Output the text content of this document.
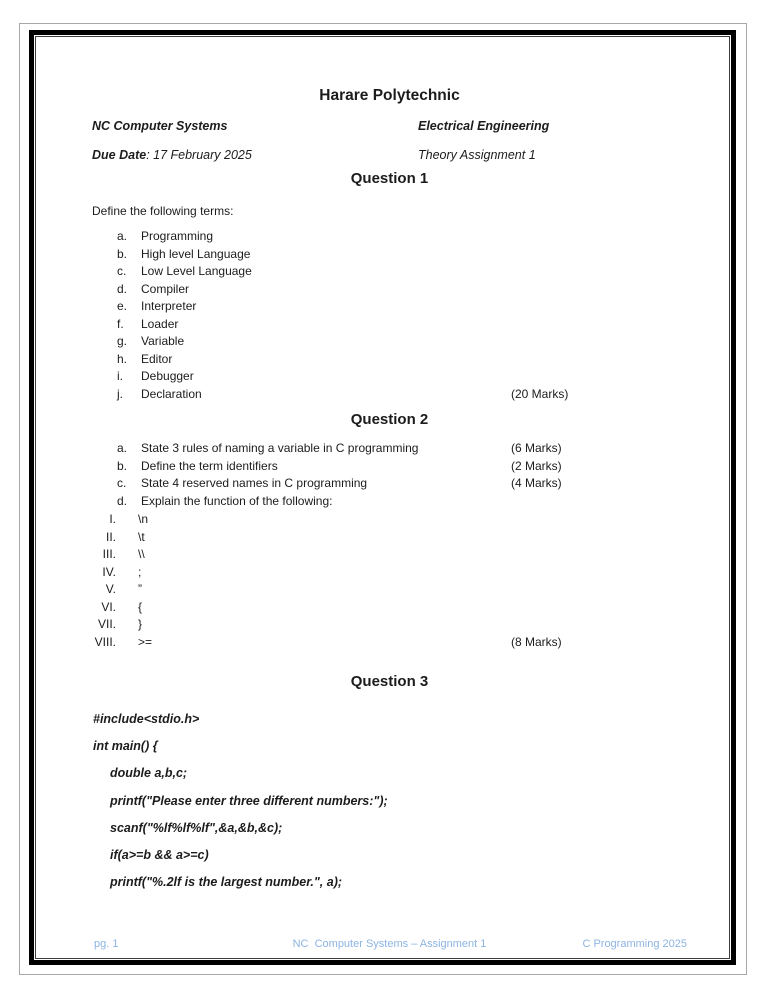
Harare Polytechnic
NC Computer Systems	Electrical Engineering
Due Date: 17 February 2025	Theory Assignment 1
Question 1
Define the following terms:
a. Programming
b. High level Language
c. Low Level Language
d. Compiler
e. Interpreter
f. Loader
g. Variable
h. Editor
i. Debugger
j. Declaration	(20 Marks)
Question 2
a. State 3 rules of naming a variable in C programming	(6 Marks)
b. Define the term identifiers	(2 Marks)
c. State 4 reserved names in C programming	(4 Marks)
d. Explain the function of the following:
I. \n
II. \t
III. \\
IV. ;
V. ”
VI. {
VII. }
VIII. >=	(8 Marks)
Question 3
#include<stdio.h>
int main() {
double a,b,c;
printf("Please enter three different numbers:");
scanf("%lf%lf%lf",&a,&b,&c);
if(a>=b && a>=c)
printf("%.2lf is the largest number.", a);
NC  Computer Systems – Assignment 1
pg. 1	C Programming 2025
